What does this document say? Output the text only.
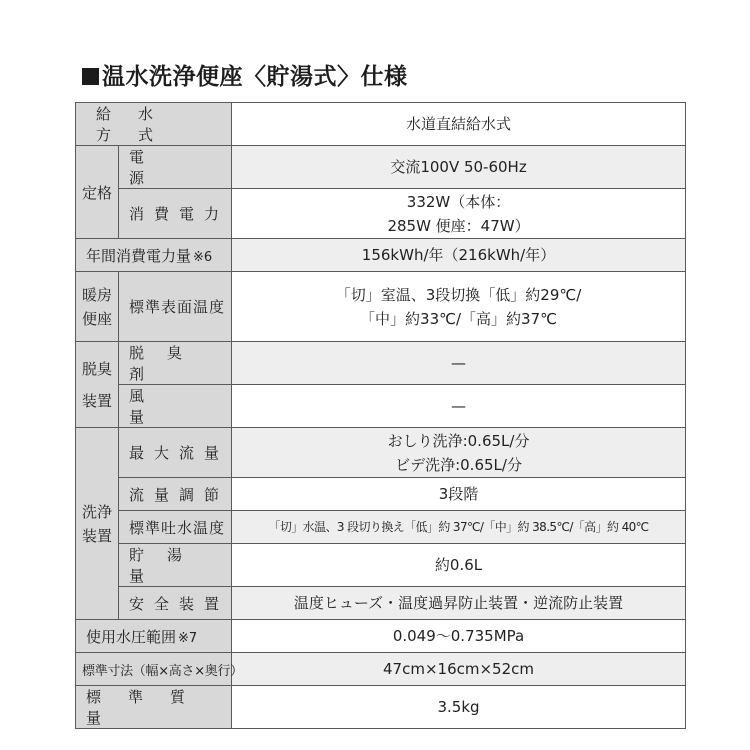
温水洗浄便座〈貯湯式〉仕様
給水方式		水道直結給水式
定格	電源	交流100V 50-60Hz

	消費電力	332W（本体：
285W 便座：47W）

年間消費電力量 ※6		156kWh/年（216kWh/年）

暖房
便座	標準表面温度	「切」室温、3段切換「低」約29℃/
「中」約33℃/「高」約37℃

脱臭
装置	脱臭剤	—

	風量	—

洗浄
装置	最大流量	おしり洗浄:0.65L/分
ビデ洗浄:0.65L/分

	流量調節	3段階

	標準吐水温度	「切」水温、3 段切り換え「低」約 37℃/「中」約 38.5℃/「高」約 40℃

	貯湯量	約0.6L

	安全装置	温度ヒューズ・温度過昇防止装置・逆流防止装置
使用水圧範囲 ※7		0.049〜0.735MPa
標準寸法（幅×高さ×奥行）		47cm×16cm×52cm

標準質量		3.5kg
